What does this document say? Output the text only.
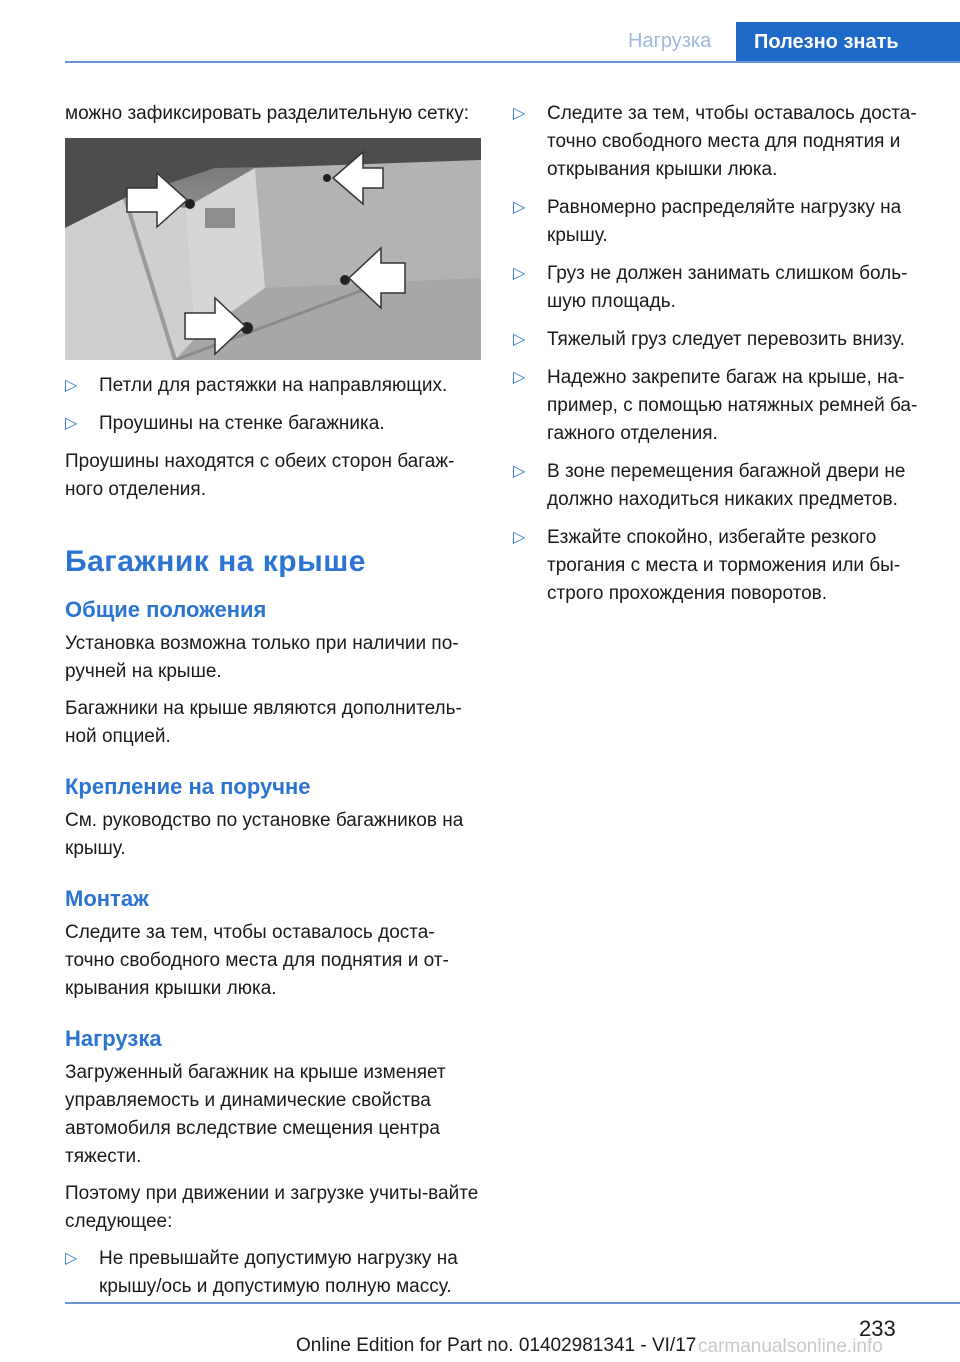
Нагрузка	Полезно знать

можно зафиксировать разделительную сетку:

▷ Петли для растяжки на направляющих.
▷ Проушины на стенке багажника.

Проушины находятся с обеих сторон багаж-ного отделения.

Багажник на крыше
Общие положения

Установка возможна только при наличии по-ручней на крыше.

Багажники на крыше являются дополнитель-ной опцией.

Крепление на поручне

См. руководство по установке багажников на крышу.

Монтаж

Следите за тем, чтобы оставалось доста-точно свободного места для поднятия и от-крывания крышки люка.

Нагрузка

Загруженный багажник на крыше изменяет управляемость и динамические свойства автомобиля вследствие смещения центра тяжести.

Поэтому при движении и загрузке учиты-вайте следующее:

▷ Не превышайте допустимую нагрузку на крышу/ось и допустимую полную массу.
▷ Следите за тем, чтобы оставалось доста-точно свободного места для поднятия и открывания крышки люка.
▷ Равномерно распределяйте нагрузку на крышу.
▷ Груз не должен занимать слишком боль-шую площадь.
▷ Тяжелый груз следует перевозить внизу.
▷ Надежно закрепите багаж на крыше, на-пример, с помощью натяжных ремней ба-гажного отделения.
▷ В зоне перемещения багажной двери не должно находиться никаких предметов.
▷ Езжайте спокойно, избегайте резкого трогания с места и торможения или бы-строго прохождения поворотов.
233
Online Edition for Part no. 01402981341 - VI/17 carmanualsonline.info
